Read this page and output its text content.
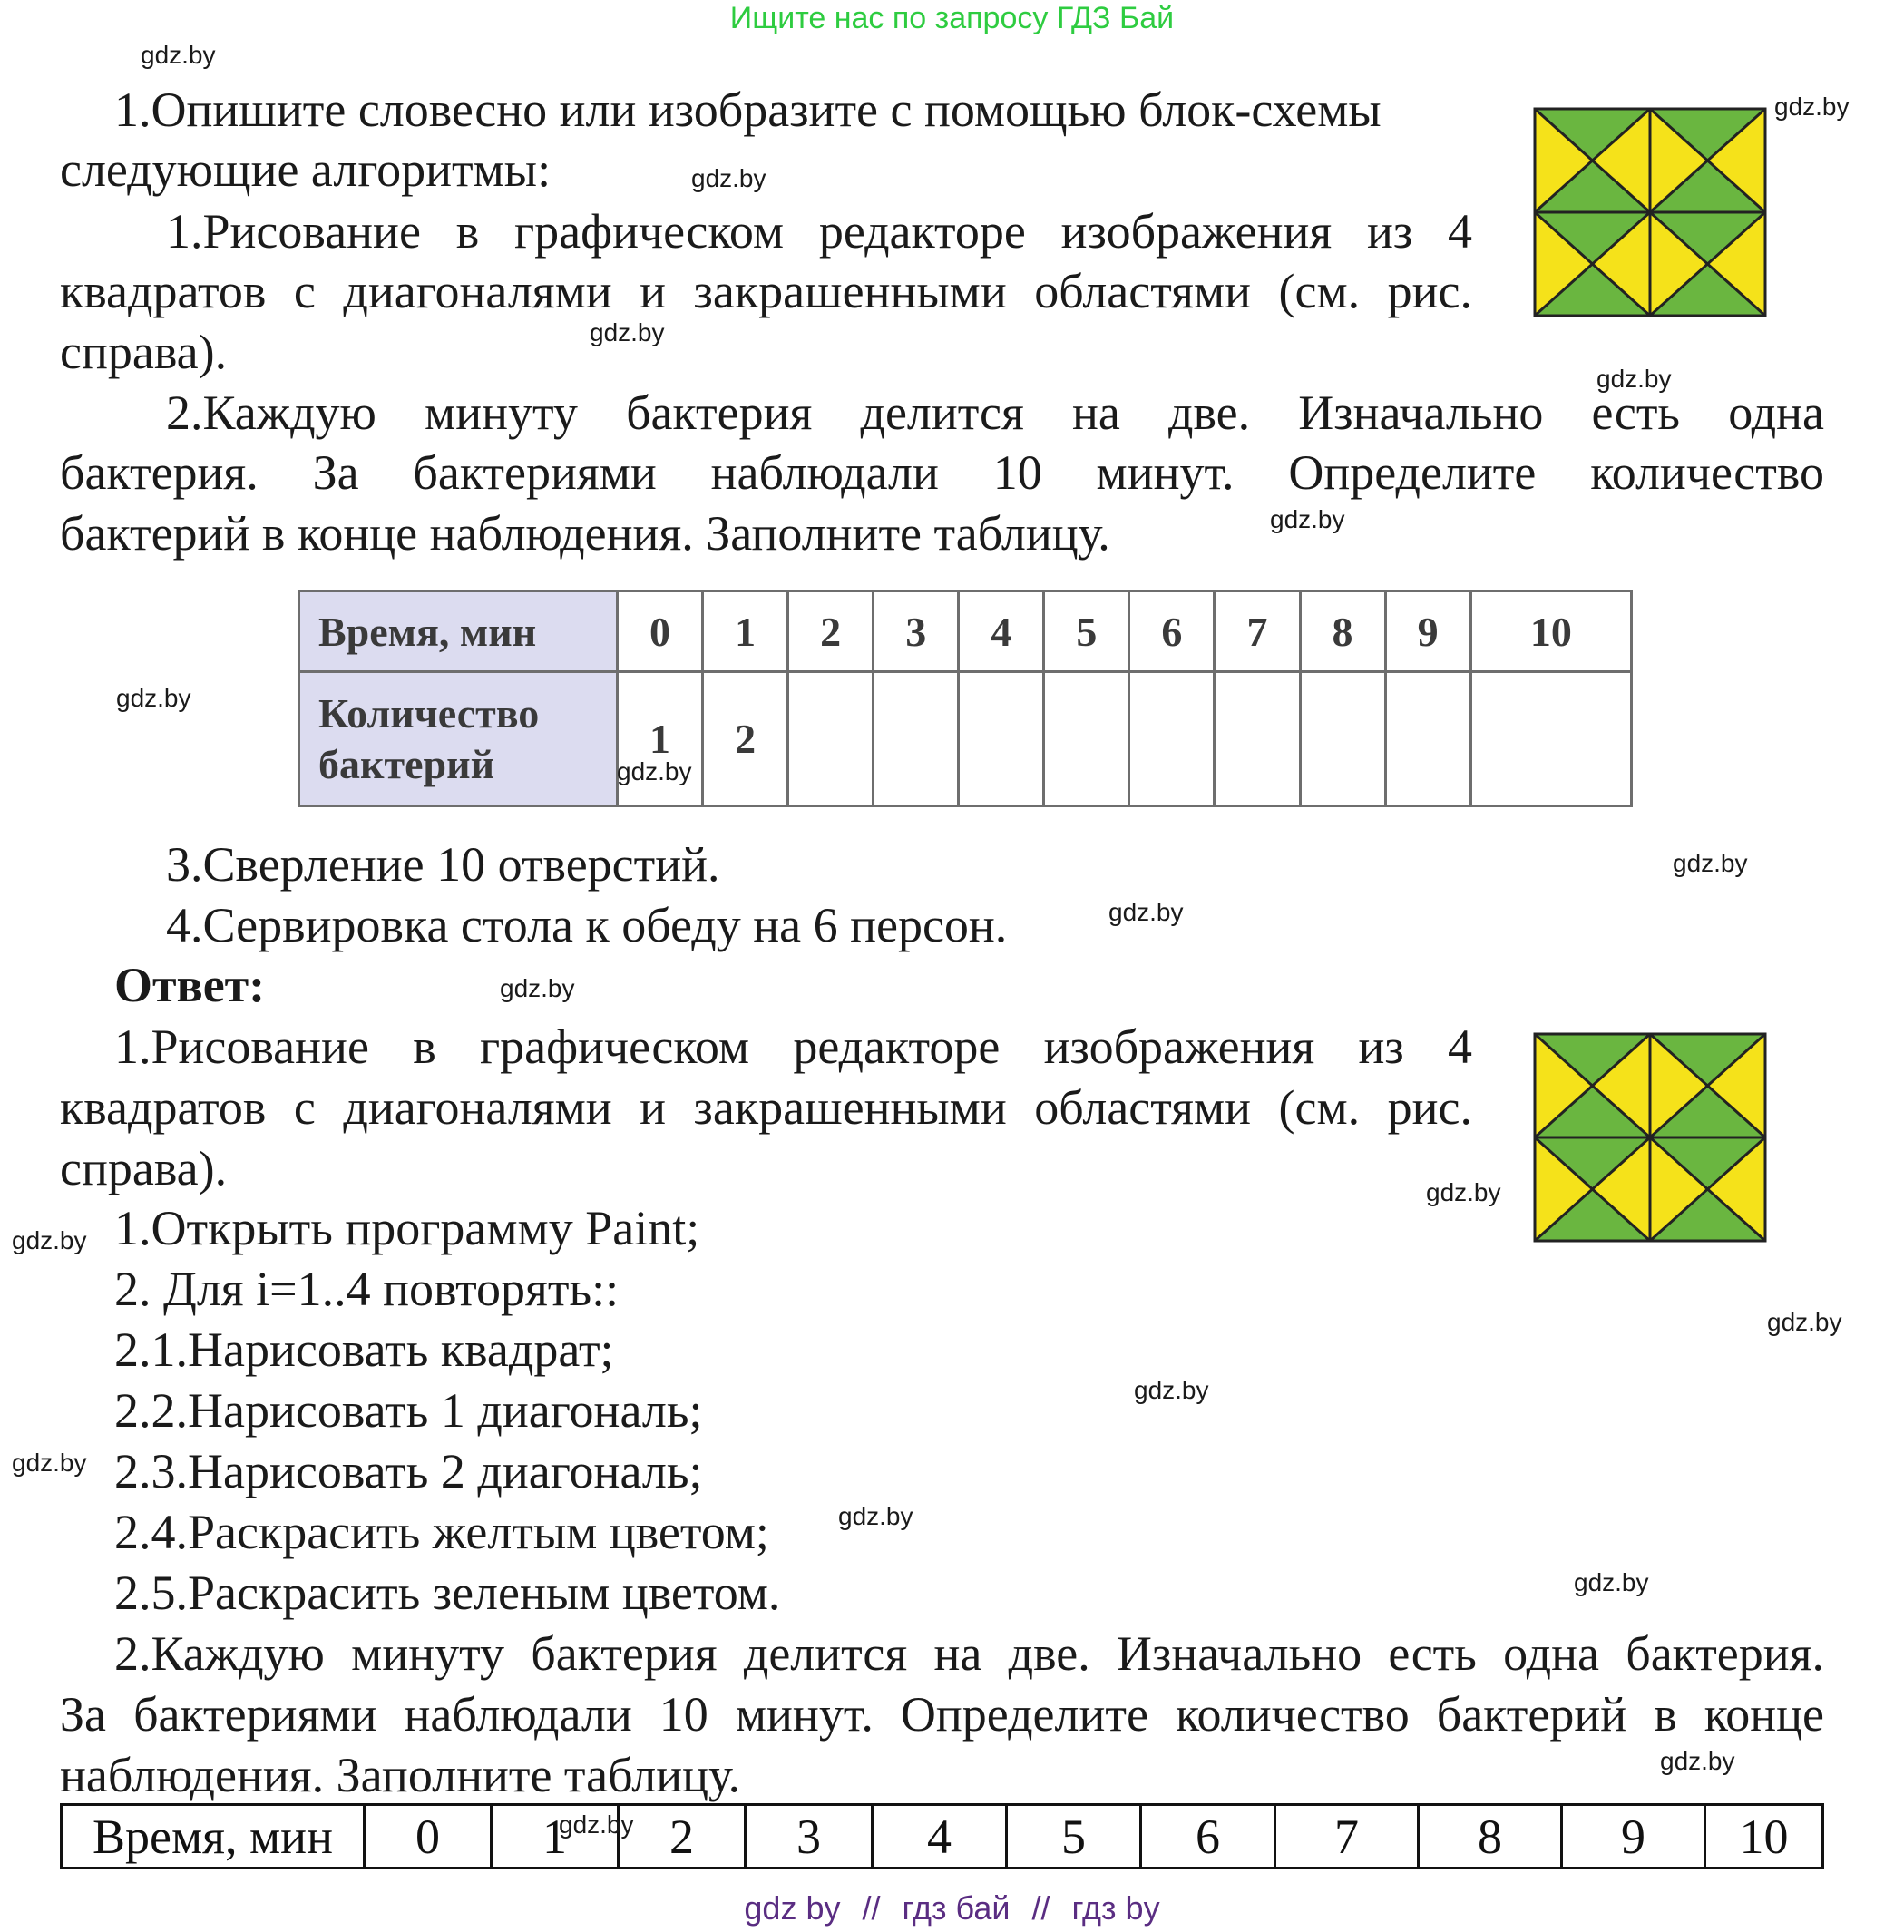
Ищите нас по запросу ГДЗ Бай
gdz.by
gdz.by
gdz.by
gdz.by
gdz.by
gdz.by
gdz.by
gdz.by
gdz.by
gdz.by
gdz.by
gdz.by
gdz.by
gdz.by
gdz.by
gdz.by
gdz.by
gdz.by
1.Опишите словесно или изобразите с помощью блок-схемы
следующие алгоритмы:
1.Рисование в графическом редакторе изображения из 4
квадратов с диагоналями и закрашенными областями (см. рис.
справа).
2.Каждую минуту бактерия делится на две. Изначально есть одна
бактерия. За бактериями наблюдали 10 минут. Определите количество
бактерий в конце наблюдения. Заполните таблицу.
Время, мин	0	1	2	3	4	5	6	7	8	9	10
Количество
бактерий	1	2									
gdz.by
3.Сверление 10 отверстий.
4.Сервировка стола к обеду на 6 персон.
Ответ:
1.Рисование в графическом редакторе изображения из 4
квадратов с диагоналями и закрашенными областями (см. рис.
справа).
1.Открыть программу Paint;
2. Для i=1..4 повторять::
2.1.Нарисовать квадрат;
2.2.Нарисовать 1 диагональ;
2.3.Нарисовать 2 диагональ;
2.4.Раскрасить желтым цветом;
2.5.Раскрасить зеленым цветом.
2.Каждую минуту бактерия делится на две. Изначально есть одна бактерия.
За бактериями наблюдали 10 минут. Определите количество бактерий в конце
наблюдения. Заполните таблицу.
Время, мин	0	1	2	3	4	5	6	7	8	9	10
gdz.by
gdz by // гдз бай // гдз by
